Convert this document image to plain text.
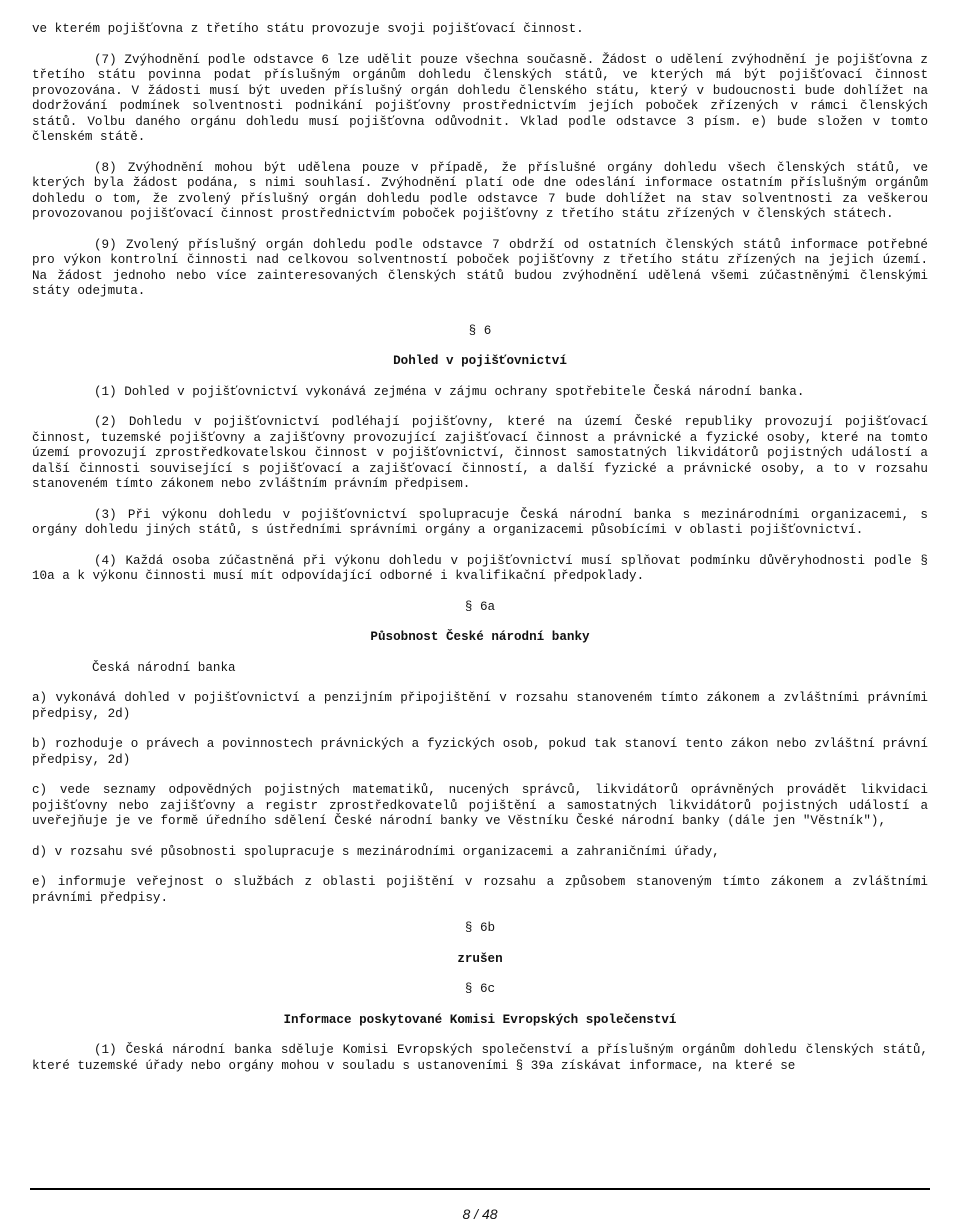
ve kterém pojišťovna z třetího státu provozuje svoji pojišťovací činnost.

(7) Zvýhodnění podle odstavce 6 lze udělit pouze všechna současně. Žádost o udělení zvýhodnění je pojišťovna z třetího státu povinna podat příslušným orgánům dohledu členských států, ve kterých má být pojišťovací činnost provozována. V žádosti musí být uveden příslušný orgán dohledu členského státu, který v budoucnosti bude dohlížet na dodržování podmínek solventnosti podnikání pojišťovny prostřednictvím jejích poboček zřízených v rámci členských států. Volbu daného orgánu dohledu musí pojišťovna odůvodnit. Vklad podle odstavce 3 písm. e) bude složen v tomto členském státě.

(8) Zvýhodnění mohou být udělena pouze v případě, že příslušné orgány dohledu všech členských států, ve kterých byla žádost podána, s nimi souhlasí. Zvýhodnění platí ode dne odeslání informace ostatním příslušným orgánům dohledu o tom, že zvolený příslušný orgán dohledu podle odstavce 7 bude dohlížet na stav solventnosti za veškerou provozovanou pojišťovací činnost prostřednictvím poboček pojišťovny z třetího státu zřízených v členských státech.

(9) Zvolený příslušný orgán dohledu podle odstavce 7 obdrží od ostatních členských států informace potřebné pro výkon kontrolní činnosti nad celkovou solventností poboček pojišťovny z třetího státu zřízených na jejich území. Na žádost jednoho nebo více zainteresovaných členských států budou zvýhodnění udělená všemi zúčastněnými členskými státy odejmuta.

§ 6

Dohled v pojišťovnictví

(1) Dohled v pojišťovnictví vykonává zejména v zájmu ochrany spotřebitele Česká národní banka.

(2) Dohledu v pojišťovnictví podléhají pojišťovny, které na území České republiky provozují pojišťovací činnost, tuzemské pojišťovny a zajišťovny provozující zajišťovací činnost a právnické a fyzické osoby, které na tomto území provozují zprostředkovatelskou činnost v pojišťovnictví, činnost samostatných likvidátorů pojistných událostí a další činnosti související s pojišťovací a zajišťovací činností, a další fyzické a právnické osoby, a to v rozsahu stanoveném tímto zákonem nebo zvláštním právním předpisem.

(3) Při výkonu dohledu v pojišťovnictví spolupracuje Česká národní banka s mezinárodními organizacemi, s orgány dohledu jiných států, s ústředními správními orgány a organizacemi působícími v oblasti pojišťovnictví.

(4) Každá osoba zúčastněná při výkonu dohledu v pojišťovnictví musí splňovat podmínku důvěryhodnosti podle § 10a a k výkonu činnosti musí mít odpovídající odborné i kvalifikační předpoklady.

§ 6a

Působnost České národní banky

Česká národní banka

a) vykonává dohled v pojišťovnictví a penzijním připojištění v rozsahu stanoveném tímto zákonem a zvláštními právními předpisy, 2d)

b) rozhoduje o právech a povinnostech právnických a fyzických osob, pokud tak stanoví tento zákon nebo zvláštní právní předpisy, 2d)

c) vede seznamy odpovědných pojistných matematiků, nucených správců, likvidátorů oprávněných provádět likvidaci pojišťovny nebo zajišťovny a registr zprostředkovatelů pojištění a samostatných likvidátorů pojistných událostí a uveřejňuje je ve formě úředního sdělení České národní banky ve Věstníku České národní banky (dále jen "Věstník"),

d) v rozsahu své působnosti spolupracuje s mezinárodními organizacemi a zahraničními úřady,

e) informuje veřejnost o službách z oblasti pojištění v rozsahu a způsobem stanoveným tímto zákonem a zvláštními právními předpisy.

§ 6b

zrušen

§ 6c

Informace poskytované Komisi Evropských společenství

(1) Česká národní banka sděluje Komisi Evropských společenství a příslušným orgánům dohledu členských států, které tuzemské úřady nebo orgány mohou v souladu s ustanoveními § 39a získávat informace, na které se

8 / 48
